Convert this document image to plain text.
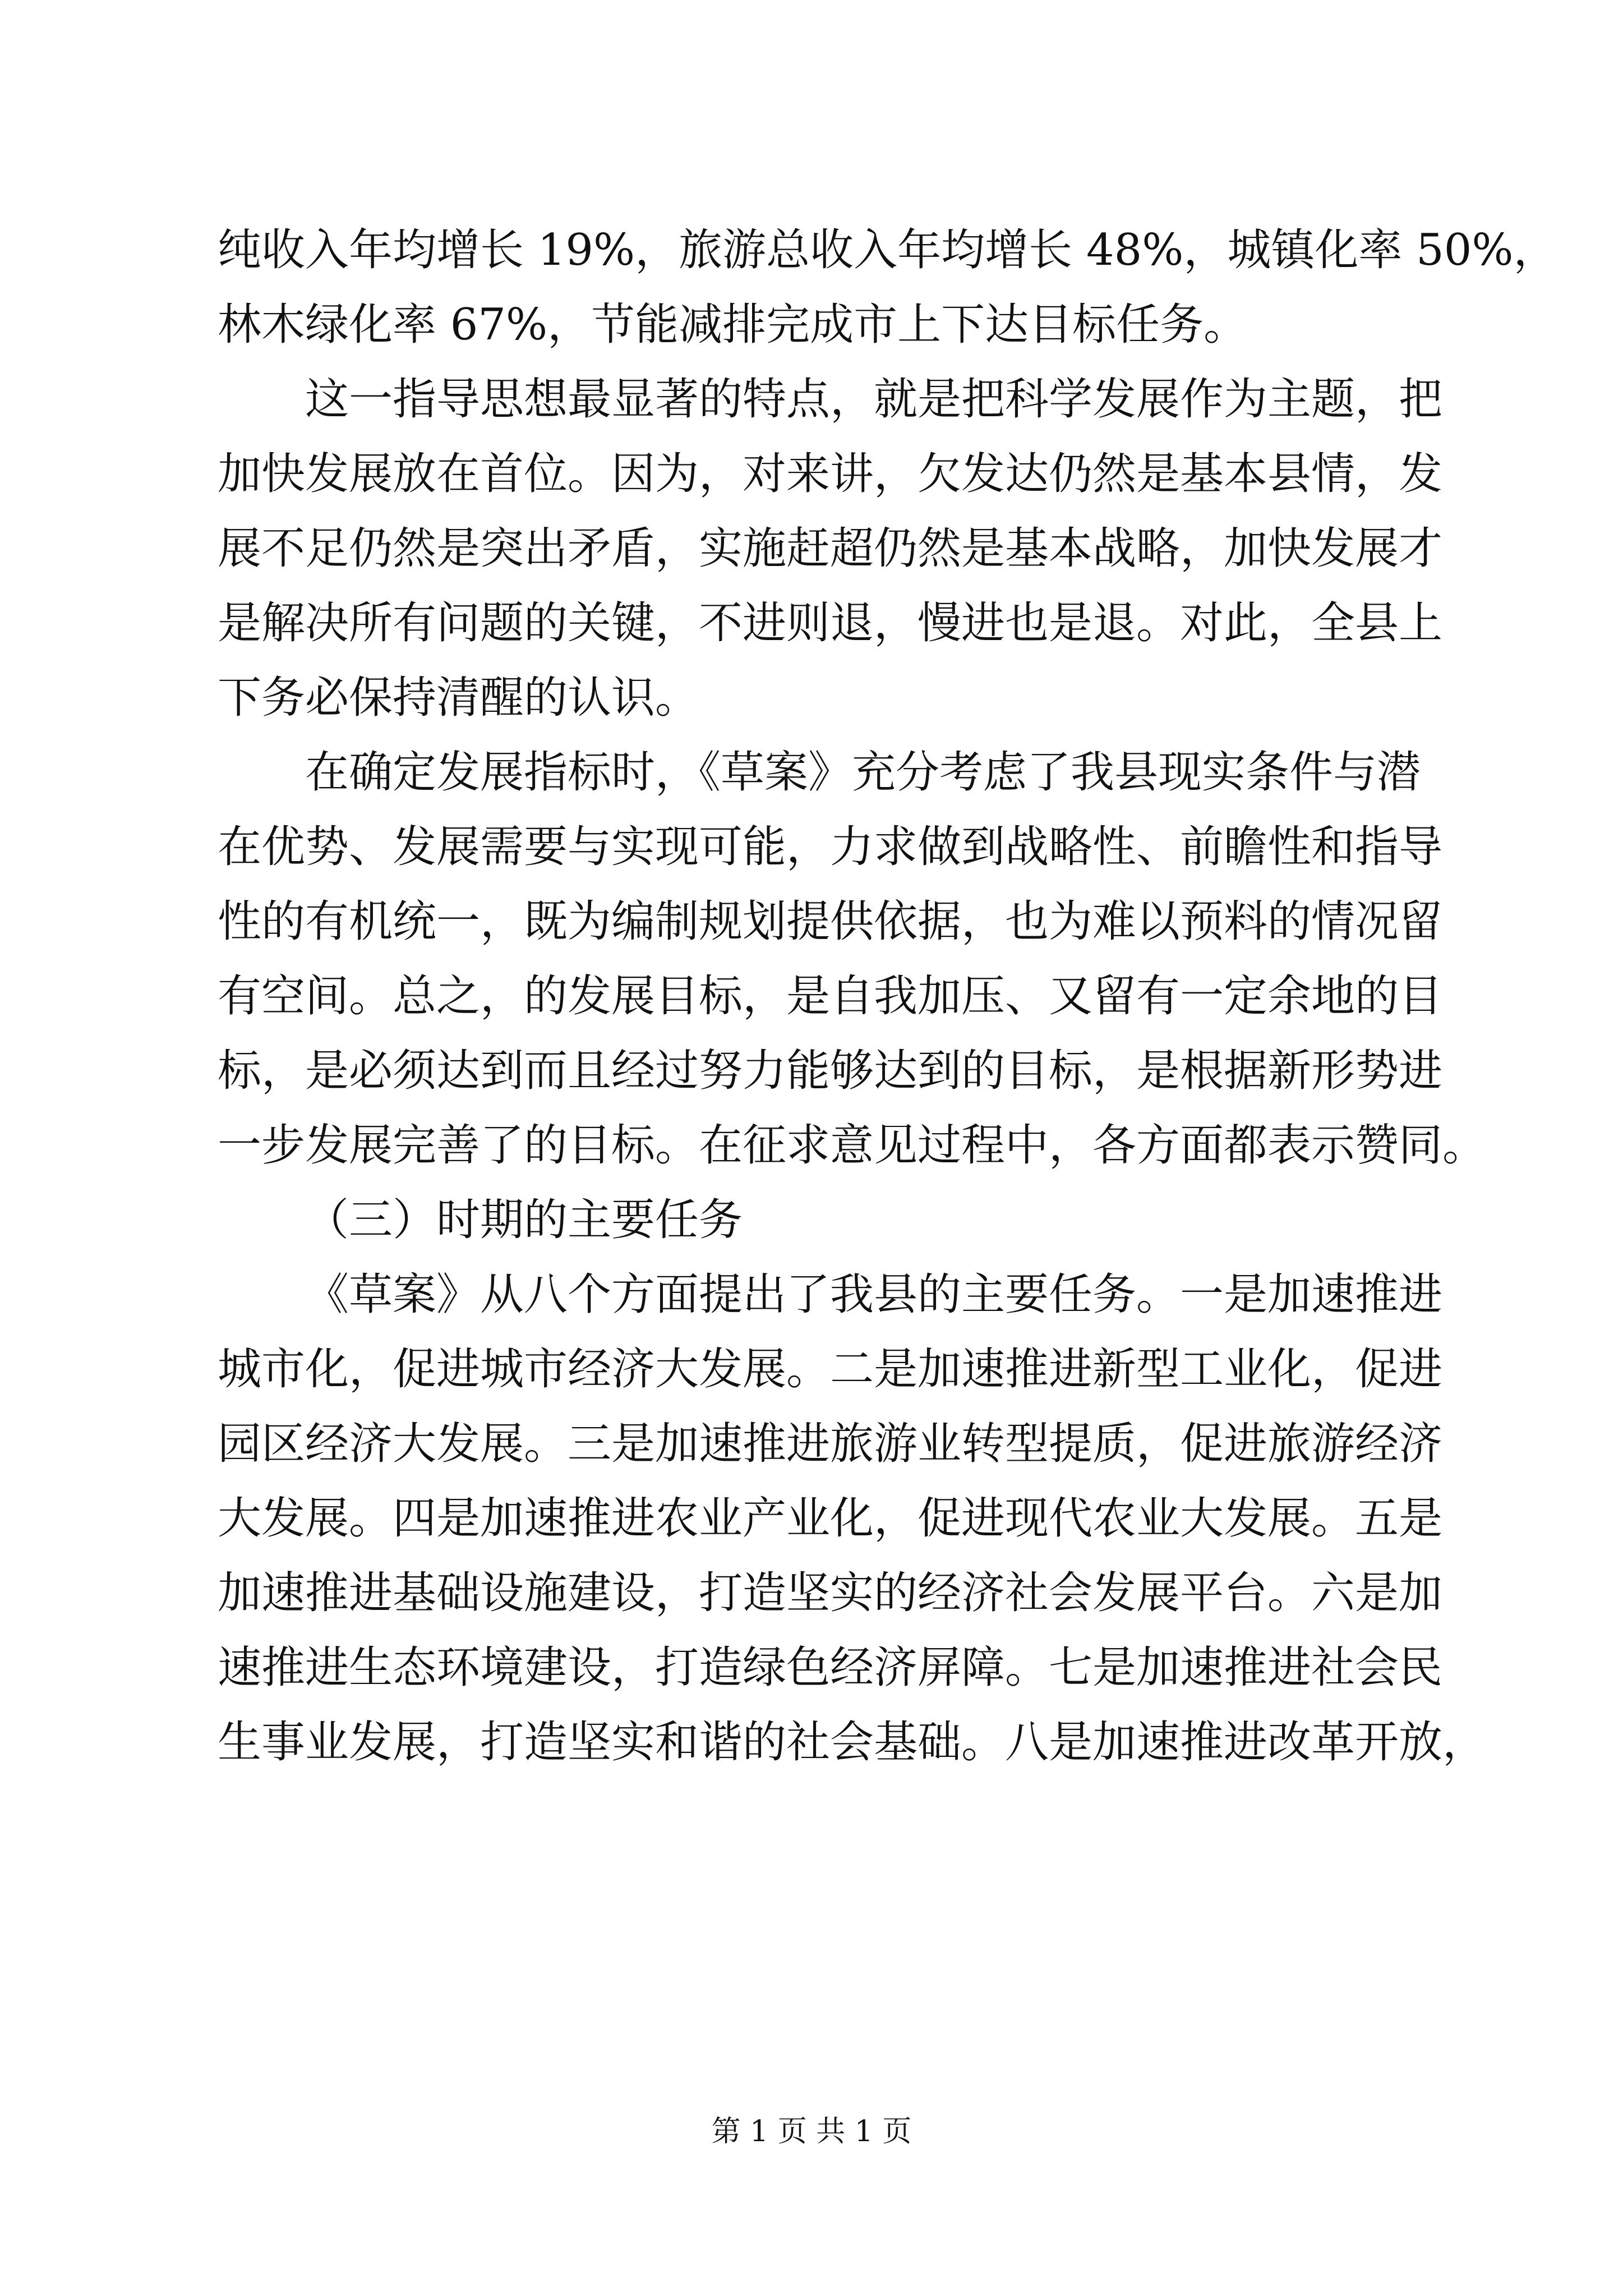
纯收入年均增长 19%，旅游总收入年均增长 48%，城镇化率 50%，
林木绿化率 67%，节能减排完成市上下达目标任务。
这一指导思想最显著的特点，就是把科学发展作为主题，把
加快发展放在首位。因为，对来讲，欠发达仍然是基本县情，发
展不足仍然是突出矛盾，实施赶超仍然是基本战略，加快发展才
是解决所有问题的关键，不进则退，慢进也是退。对此，全县上
下务必保持清醒的认识。
在确定发展指标时，《草案》充分考虑了我县现实条件与潜
在优势、发展需要与实现可能，力求做到战略性、前瞻性和指导
性的有机统一，既为编制规划提供依据，也为难以预料的情况留
有空间。总之，的发展目标，是自我加压、又留有一定余地的目
标，是必须达到而且经过努力能够达到的目标，是根据新形势进
一步发展完善了的目标。在征求意见过程中，各方面都表示赞同。
（三）时期的主要任务
《草案》从八个方面提出了我县的主要任务。一是加速推进
城市化，促进城市经济大发展。二是加速推进新型工业化，促进
园区经济大发展。三是加速推进旅游业转型提质，促进旅游经济
大发展。四是加速推进农业产业化，促进现代农业大发展。五是
加速推进基础设施建设，打造坚实的经济社会发展平台。六是加
速推进生态环境建设，打造绿色经济屏障。七是加速推进社会民
生事业发展，打造坚实和谐的社会基础。八是加速推进改革开放，
第 1 页 共 1 页
